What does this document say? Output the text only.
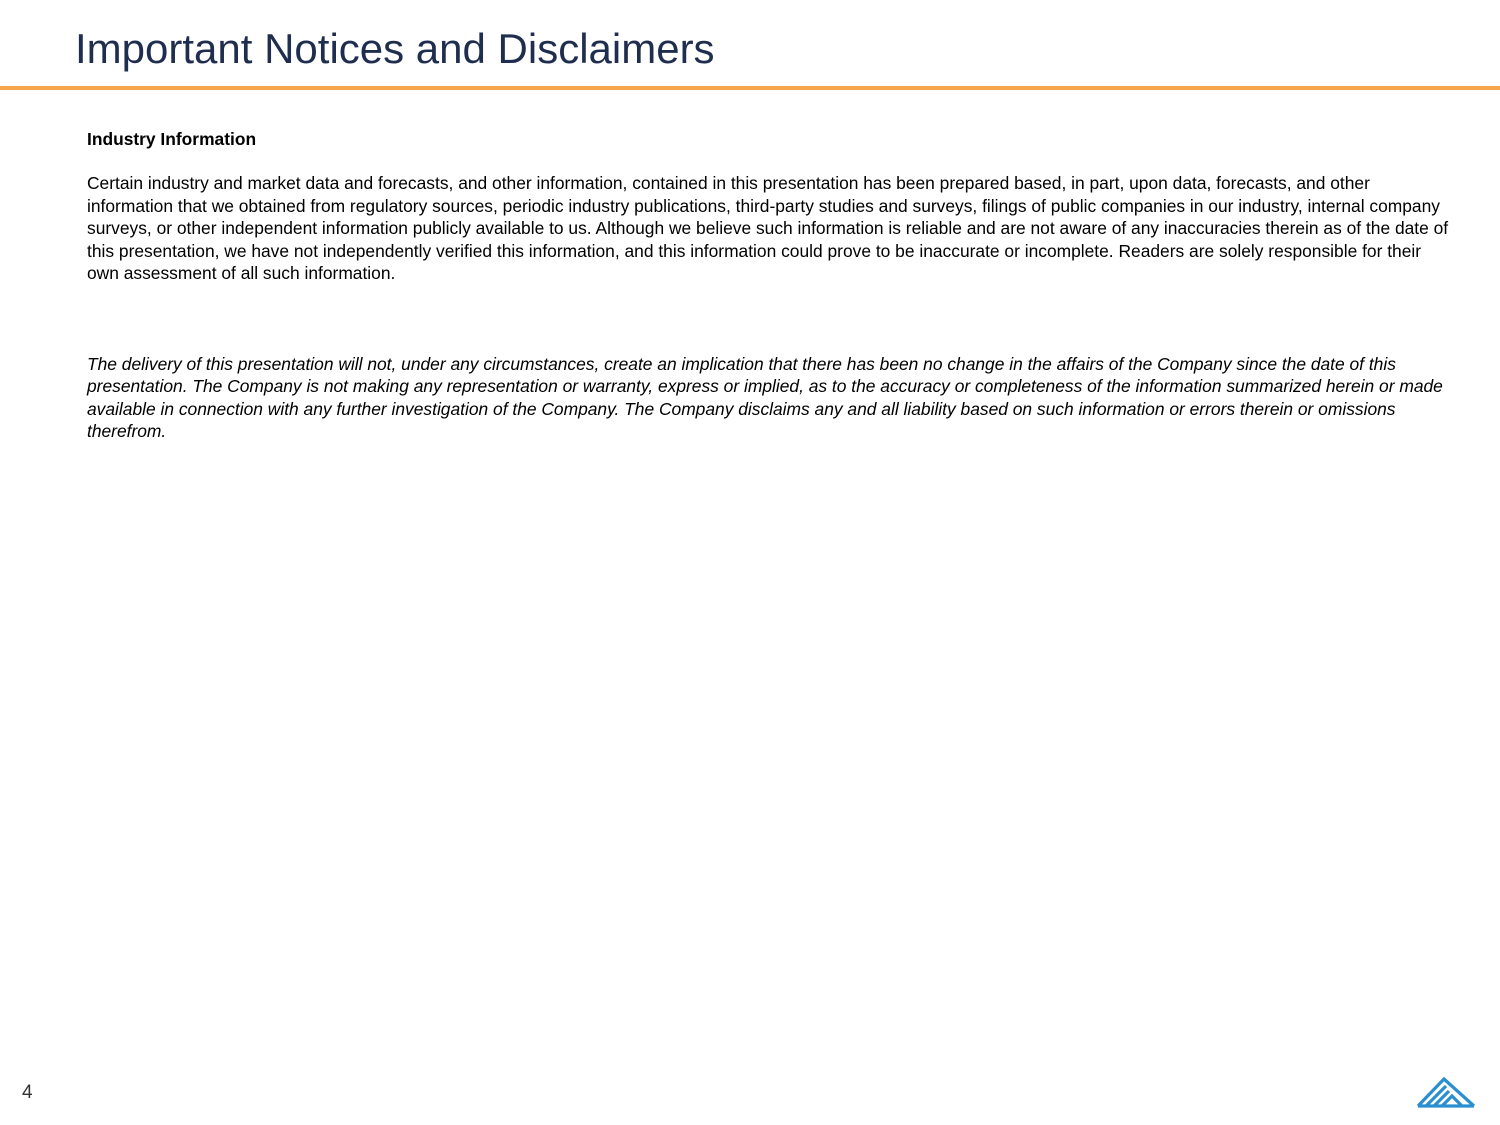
Important Notices and Disclaimers

Industry Information

Certain industry and market data and forecasts, and other information, contained in this presentation has been prepared based, in part, upon data, forecasts, and other information that we obtained from regulatory sources, periodic industry publications, third-party studies and surveys, filings of public companies in our industry, internal company surveys, or other independent information publicly available to us. Although we believe such information is reliable and are not aware of any inaccuracies therein as of the date of this presentation, we have not independently verified this information, and this information could prove to be inaccurate or incomplete. Readers are solely responsible for their own assessment of all such information.

The delivery of this presentation will not, under any circumstances, create an implication that there has been no change in the affairs of the Company since the date of this presentation. The Company is not making any representation or warranty, express or implied, as to the accuracy or completeness of the information summarized herein or made available in connection with any further investigation of the Company. The Company disclaims any and all liability based on such information or errors therein or omissions therefrom.

4
